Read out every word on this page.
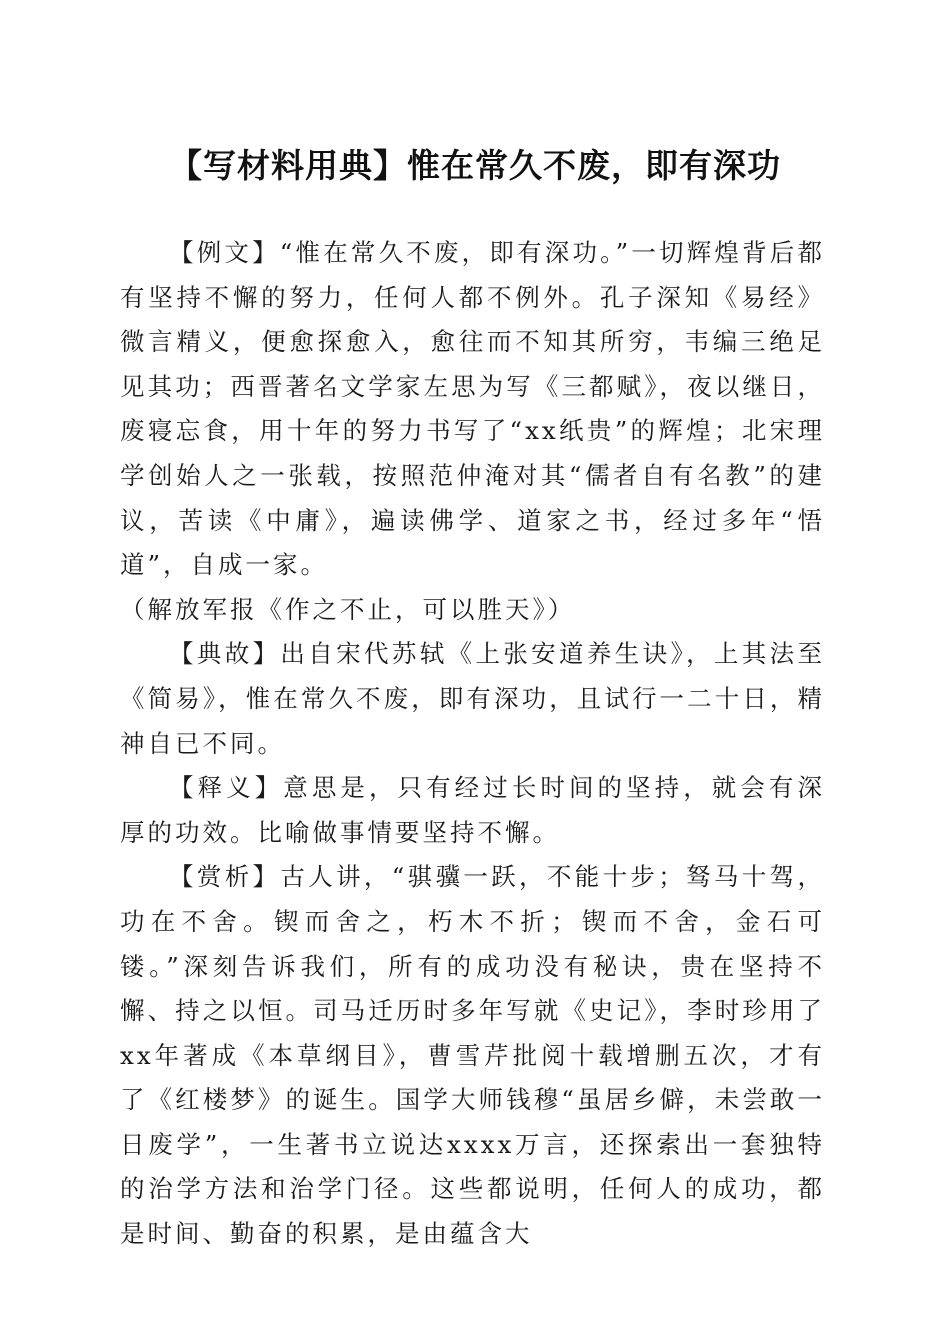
【写材料用典】惟在常久不废，即有深功

【例文】“惟在常久不废，即有深功。”一切辉煌背后都有坚持不懈的努力，任何人都不例外。孔子深知《易经》微言精义，便愈探愈入，愈往而不知其所穷，韦编三绝足见其功；西晋著名文学家左思为写《三都赋》，夜以继日，废寝忘食，用十年的努力书写了“xx纸贵”的辉煌；北宋理学创始人之一张载，按照范仲淹对其“儒者自有名教”的建议，苦读《中庸》，遍读佛学、道家之书，经过多年“悟道”，自成一家。

（解放军报《作之不止，可以胜天》）

【典故】出自宋代苏轼《上张安道养生诀》，上其法至《简易》，惟在常久不废，即有深功，且试行一二十日，精神自已不同。

【释义】意思是，只有经过长时间的坚持，就会有深厚的功效。比喻做事情要坚持不懈。

【赏析】古人讲，“骐骥一跃，不能十步；驽马十驾，功在不舍。锲而舍之，朽木不折；锲而不舍，金石可镂。”深刻告诉我们，所有的成功没有秘诀，贵在坚持不懈、持之以恒。司马迁历时多年写就《史记》，李时珍用了xx年著成《本草纲目》，曹雪芹批阅十载增删五次，才有了《红楼梦》的诞生。国学大师钱穆“虽居乡僻，未尝敢一日废学”，一生著书立说达xxxx万言，还探索出一套独特的治学方法和治学门径。这些都说明，任何人的成功，都是时间、勤奋的积累，是由蕴含大
